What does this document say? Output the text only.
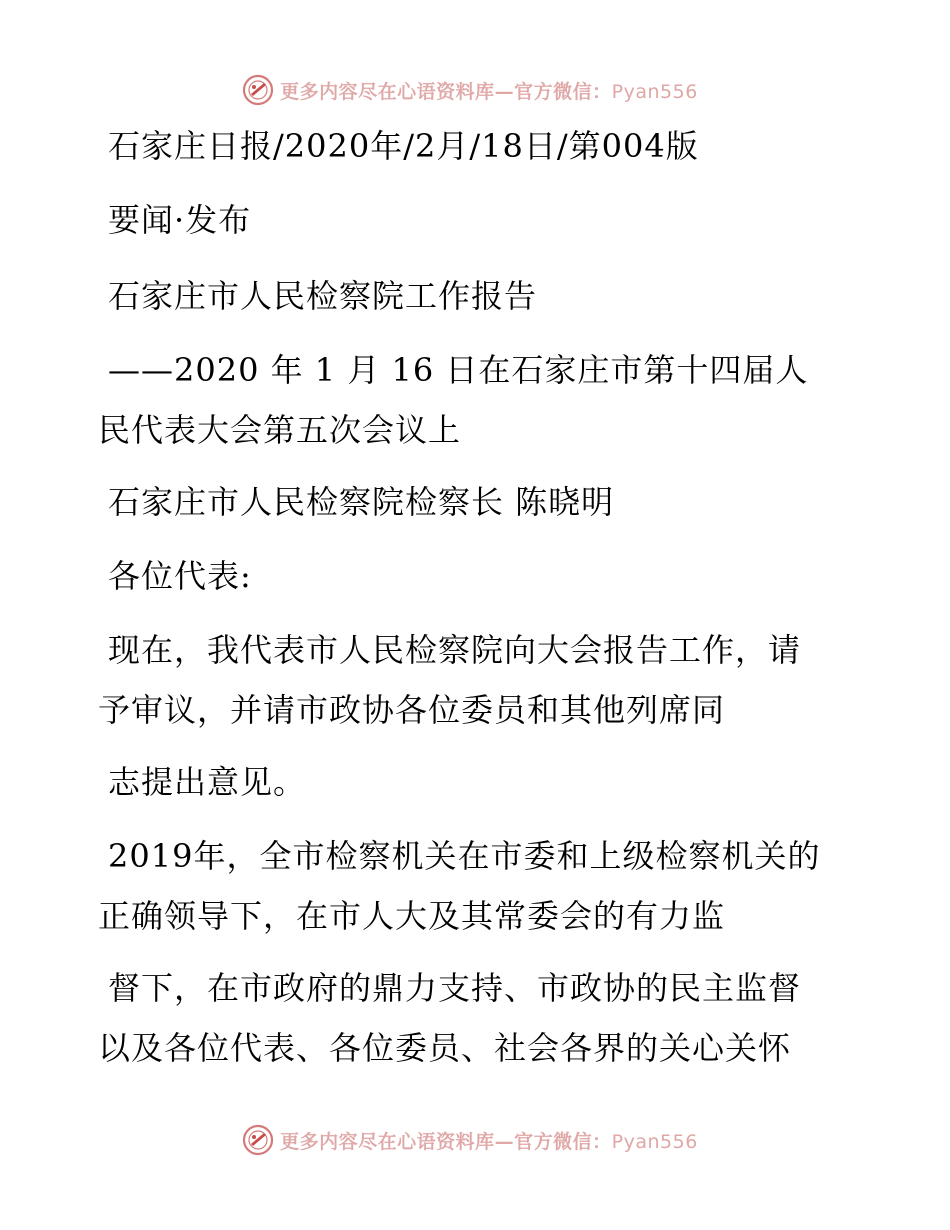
更多内容尽在心语资料库—官方微信：Pyan556
石家庄日报/2020年/2月/18日/第004版
要闻·发布
石家庄市人民检察院工作报告
——2020 年 1 月 16 日在石家庄市第十四届人
民代表大会第五次会议上
石家庄市人民检察院检察长 陈晓明
各位代表:
现在，我代表市人民检察院向大会报告工作，请
予审议，并请市政协各位委员和其他列席同
志提出意见。
2019年，全市检察机关在市委和上级检察机关的
正确领导下，在市人大及其常委会的有力监
督下，在市政府的鼎力支持、市政协的民主监督
以及各位代表、各位委员、社会各界的关心关怀
更多内容尽在心语资料库—官方微信：Pyan556
